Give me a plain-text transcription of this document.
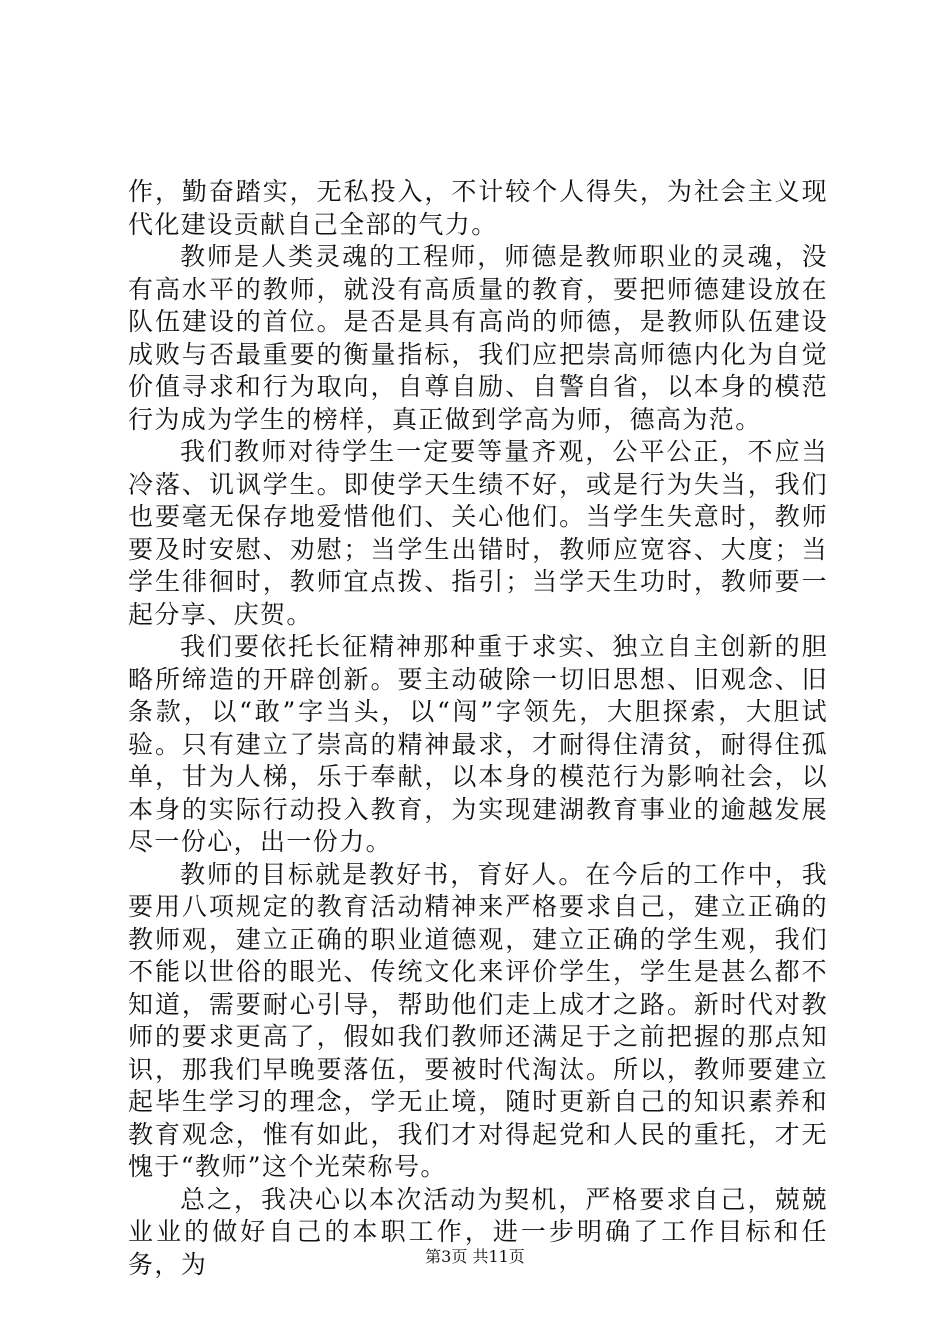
作，勤奋踏实，无私投入，不计较个人得失，为社会主义现代化建设贡献自己全部的气力。

教师是人类灵魂的工程师，师德是教师职业的灵魂，没有高水平的教师，就没有高质量的教育，要把师德建设放在队伍建设的首位。是否是具有高尚的师德，是教师队伍建设成败与否最重要的衡量指标，我们应把崇高师德内化为自觉价值寻求和行为取向，自尊自励、自警自省，以本身的模范行为成为学生的榜样，真正做到学高为师，德高为范。

我们教师对待学生一定要等量齐观，公平公正，不应当冷落、讥讽学生。即使学天生绩不好，或是行为失当，我们也要毫无保存地爱惜他们、关心他们。当学生失意时，教师要及时安慰、劝慰；当学生出错时，教师应宽容、大度；当学生徘徊时，教师宜点拨、指引；当学天生功时，教师要一起分享、庆贺。

我们要依托长征精神那种重于求实、独立自主创新的胆略所缔造的开辟创新。要主动破除一切旧思想、旧观念、旧条款，以“敢”字当头，以“闯”字领先，大胆探索，大胆试验。只有建立了崇高的精神最求，才耐得住清贫，耐得住孤单，甘为人梯，乐于奉献，以本身的模范行为影响社会，以本身的实际行动投入教育，为实现建湖教育事业的逾越发展尽一份心，出一份力。

教师的目标就是教好书，育好人。在今后的工作中，我要用八项规定的教育活动精神来严格要求自己，建立正确的教师观，建立正确的职业道德观，建立正确的学生观，我们不能以世俗的眼光、传统文化来评价学生，学生是甚么都不知道，需要耐心引导，帮助他们走上成才之路。新时代对教师的要求更高了，假如我们教师还满足于之前把握的那点知识，那我们早晚要落伍，要被时代淘汰。所以，教师要建立起毕生学习的理念，学无止境，随时更新自己的知识素养和教育观念，惟有如此，我们才对得起党和人民的重托，才无愧于“教师”这个光荣称号。

总之，我决心以本次活动为契机，严格要求自己，兢兢业业的做好自己的本职工作，进一步明确了工作目标和任务，为	第3页 共11页
